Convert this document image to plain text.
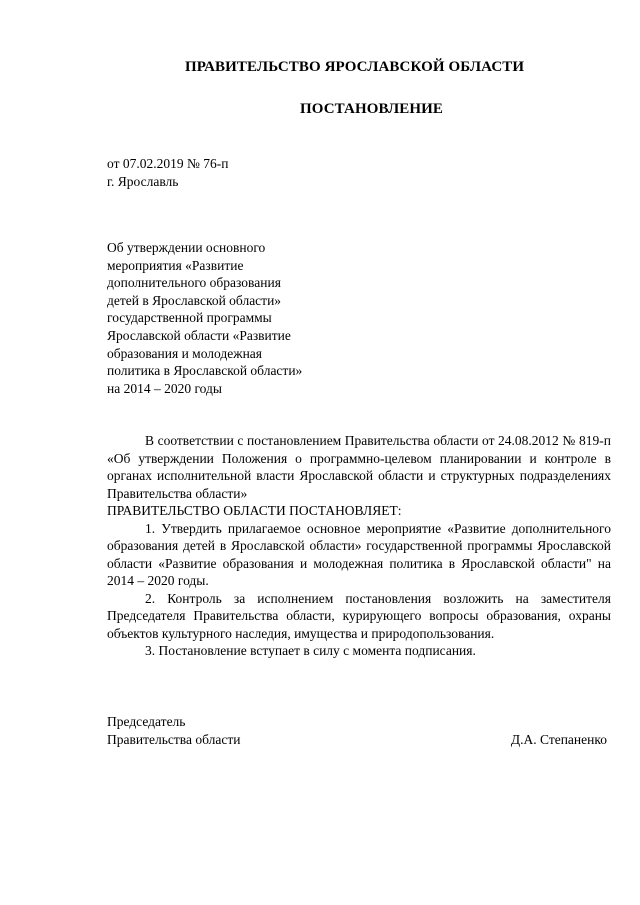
ПРАВИТЕЛЬСТВО ЯРОСЛАВСКОЙ ОБЛАСТИ
ПОСТАНОВЛЕНИЕ
от 07.02.2019 № 76-п
г. Ярославль
Об утверждении основного
мероприятия «Развитие
дополнительного образования
детей в Ярославской области»
государственной программы
Ярославской области «Развитие
образования и молодежная
политика в Ярославской области»
на 2014 – 2020 годы

В соответствии с постановлением Правительства области от 24.08.2012 № 819-п «Об утверждении Положения о программно-целевом планировании и контроле в органах исполнительной власти Ярославской области и структурных подразделениях Правительства области»

ПРАВИТЕЛЬСТВО ОБЛАСТИ ПОСТАНОВЛЯЕТ:

1. Утвердить прилагаемое основное мероприятие «Развитие дополнительного образования детей в Ярославской области» государственной программы Ярославской области «Развитие образования и молодежная политика в Ярославской области" на 2014 – 2020 годы.

2. Контроль за исполнением постановления возложить на заместителя Председателя Правительства области, курирующего вопросы образования, охраны объектов культурного наследия, имущества и природопользования.

3. Постановление вступает в силу с момента подписания.

Председатель
Правительства области	Д.А. Степаненко
